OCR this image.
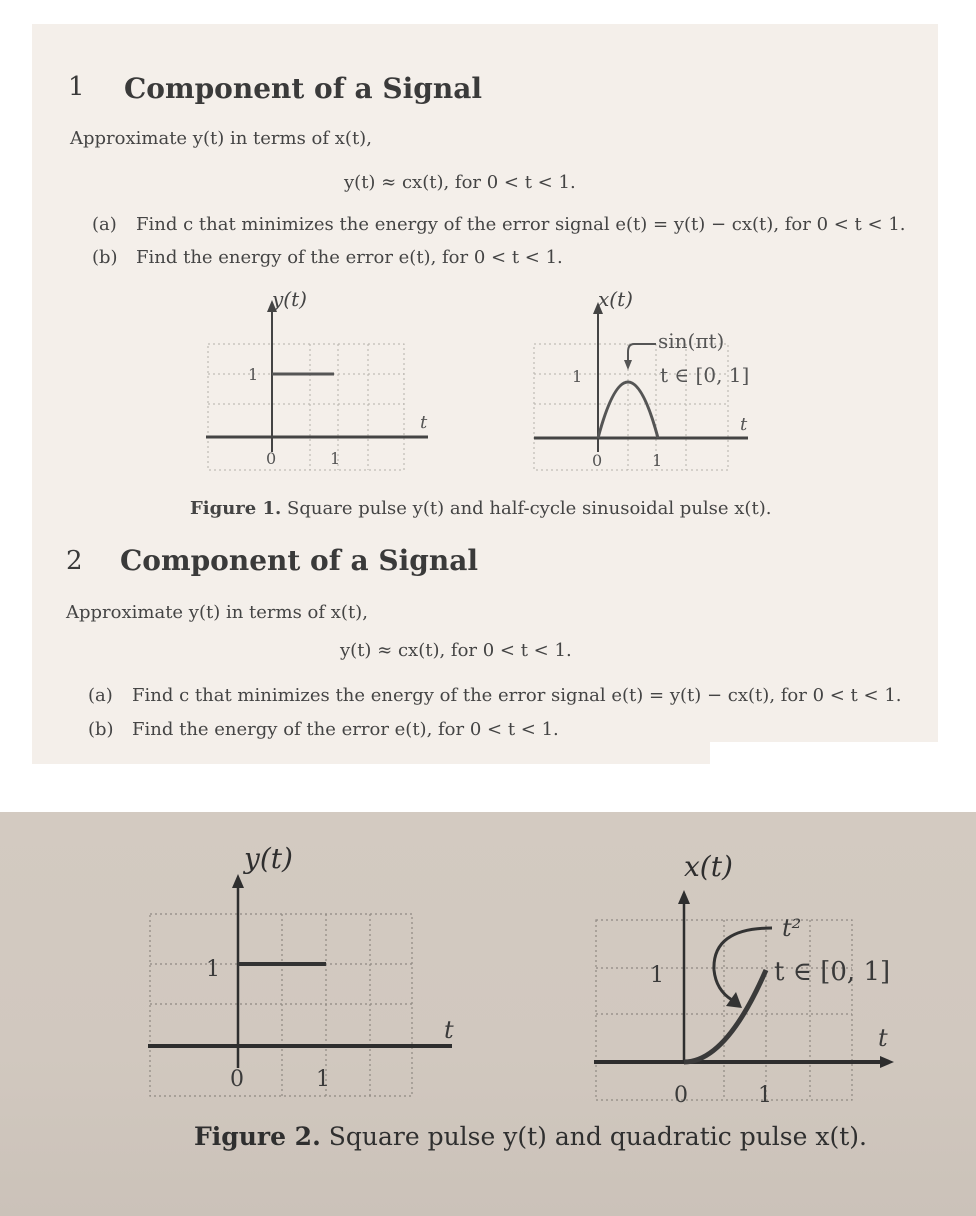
1 Component of a Signal
Approximate y(t) in terms of x(t),
y(t) ≈ cx(t), for 0 < t < 1.
(a) Find c that minimizes the energy of the error signal e(t) = y(t) − cx(t), for 0 < t < 1.
(b) Find the energy of the error e(t), for 0 < t < 1.
y(t)
1
0	1
t
x(t)
sin(πt)
t ∈ [0, 1]
1
0	1
t
Figure 1. Square pulse y(t) and half-cycle sinusoidal pulse x(t).
2 Component of a Signal
Approximate y(t) in terms of x(t),
y(t) ≈ cx(t), for 0 < t < 1.
(a) Find c that minimizes the energy of the error signal e(t) = y(t) − cx(t), for 0 < t < 1.
(b) Find the energy of the error e(t), for 0 < t < 1.
y(t)
1
0	1
t
x(t)
t²
t ∈ [0, 1]
1
0	1
t
Figure 2. Square pulse y(t) and quadratic pulse x(t).
